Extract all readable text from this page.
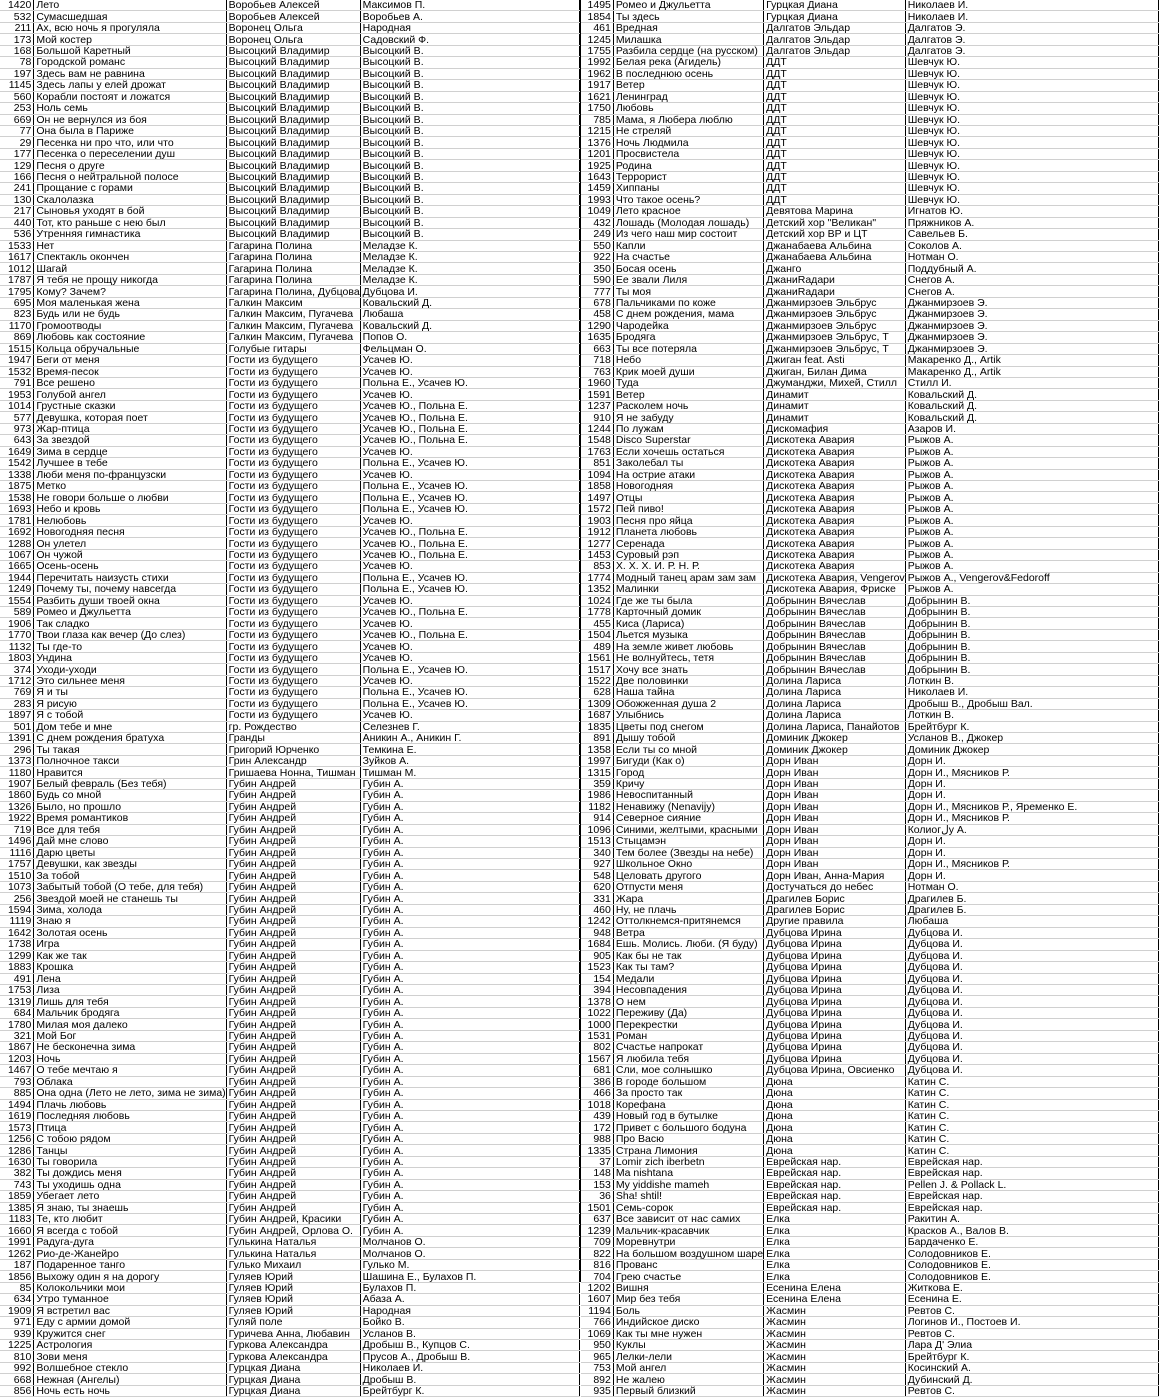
1420	Лето	Воробьев Алексей	Максимов П.
532	Сумасшедшая	Воробьев Алексей	Воробьев А.
211	Ах, всю ночь я прогуляла	Воронец Ольга	Народная
173	Мой костер	Воронец Ольга	Садовский Ф.
168	Большой Каретный	Высоцкий Владимир	Высоцкий В.
78	Городской романс	Высоцкий Владимир	Высоцкий В.
197	Здесь вам не равнина	Высоцкий Владимир	Высоцкий В.
1145	Здесь лапы у елей дрожат	Высоцкий Владимир	Высоцкий В.
560	Корабли постоят и ложатся	Высоцкий Владимир	Высоцкий В.
253	Ноль семь	Высоцкий Владимир	Высоцкий В.
669	Он не вернулся из боя	Высоцкий Владимир	Высоцкий В.
77	Она была в Париже	Высоцкий Владимир	Высоцкий В.
29	Песенка ни про что, или что	Высоцкий Владимир	Высоцкий В.
177	Песенка о переселении душ	Высоцкий Владимир	Высоцкий В.
129	Песня о друге	Высоцкий Владимир	Высоцкий В.
166	Песня о нейтральной полосе	Высоцкий Владимир	Высоцкий В.
241	Прощание с горами	Высоцкий Владимир	Высоцкий В.
130	Скалолазка	Высоцкий Владимир	Высоцкий В.
217	Сыновья уходят в бой	Высоцкий Владимир	Высоцкий В.
440	Тот, кто раньше с нею был	Высоцкий Владимир	Высоцкий В.
536	Утренняя гимнастика	Высоцкий Владимир	Высоцкий В.
1533	Нет	Гагарина Полина	Меладзе К.
1617	Спектакль окончен	Гагарина Полина	Меладзе К.
1012	Шагай	Гагарина Полина	Меладзе К.
1787	Я тебя не прощу никогда	Гагарина Полина	Меладзе К.
1795	Кому? Зачем?	Гагарина Полина, Дубцова	Дубцова И.
695	Моя маленькая жена	Галкин Максим	Ковальский Д.
823	Будь или не будь	Галкин Максим, Пугачева	Любаша
1170	Громоотводы	Галкин Максим, Пугачева	Ковальский Д.
869	Любовь как состояние	Галкин Максим, Пугачева	Попов О.
1515	Кольца обручальные	Голубые гитары	Фельцман О.
1947	Беги от меня	Гости из будущего	Усачев Ю.
1532	Время-песок	Гости из будущего	Усачев Ю.
791	Все решено	Гости из будущего	Польна Е., Усачев Ю.
1953	Голубой ангел	Гости из будущего	Усачев Ю.
1014	Грустные сказки	Гости из будущего	Усачев Ю., Польна Е.
577	Девушка, которая поет	Гости из будущего	Усачев Ю., Польна Е.
973	Жар-птица	Гости из будущего	Усачев Ю., Польна Е.
643	За звездой	Гости из будущего	Усачев Ю., Польна Е.
1649	Зима в сердце	Гости из будущего	Усачев Ю.
1542	Лучшее в тебе	Гости из будущего	Польна Е., Усачев Ю.
1338	Люби меня по-французски	Гости из будущего	Усачев Ю.
1875	Метко	Гости из будущего	Польна Е., Усачев Ю.
1538	Не говори больше о любви	Гости из будущего	Польна Е., Усачев Ю.
1693	Небо и кровь	Гости из будущего	Польна Е., Усачев Ю.
1781	Нелюбовь	Гости из будущего	Усачев Ю.
1692	Новогодняя песня	Гости из будущего	Усачев Ю., Польна Е.
1288	Он улетел	Гости из будущего	Усачев Ю., Польна Е.
1067	Он чужой	Гости из будущего	Усачев Ю., Польна Е.
1665	Осень-осень	Гости из будущего	Усачев Ю.
1944	Перечитать наизусть стихи	Гости из будущего	Польна Е., Усачев Ю.
1249	Почему ты, почему навсегда	Гости из будущего	Польна Е., Усачев Ю.
1554	Разбить души твоей окна	Гости из будущего	Усачев Ю.
589	Ромео и Джульетта	Гости из будущего	Усачев Ю., Польна Е.
1906	Так сладко	Гости из будущего	Усачев Ю.
1770	Твои глаза как вечер (До слез)	Гости из будущего	Усачев Ю., Польна Е.
1132	Ты где-то	Гости из будущего	Усачев Ю.
1803	Ундина	Гости из будущего	Усачев Ю.
374	Уходи-уходи	Гости из будущего	Польна Е., Усачев Ю.
1712	Это сильнее меня	Гости из будущего	Усачев Ю.
769	Я и ты	Гости из будущего	Польна Е., Усачев Ю.
283	Я рисую	Гости из будущего	Польна Е., Усачев Ю.
1897	Я с тобой	Гости из будущего	Усачев Ю.
501	Дом тебе и мне	гр. Рождество	Селезнев Г.
1391	С днем рождения братуха	Гранды	Аникин А., Аникин Г.
296	Ты такая	Григорий Юрченко	Темкина Е.
1373	Полночное такси	Грин Александр	Зуйков А.
1180	Нравится	Гришаева Нонна, Тишман	Тишман М.
1907	Белый февраль (Без тебя)	Губин Андрей	Губин А.
1860	Будь со мной	Губин Андрей	Губин А.
1326	Было, но прошло	Губин Андрей	Губин А.
1922	Время романтиков	Губин Андрей	Губин А.
719	Все для тебя	Губин Андрей	Губин А.
1496	Дай мне слово	Губин Андрей	Губин А.
1116	Дарю цветы	Губин Андрей	Губин А.
1757	Девушки, как звезды	Губин Андрей	Губин А.
1510	За тобой	Губин Андрей	Губин А.
1073	Забытый тобой (О тебе, для тебя)	Губин Андрей	Губин А.
256	Звездой моей не станешь ты	Губин Андрей	Губин А.
1594	Зима, холода	Губин Андрей	Губин А.
1119	Знаю я	Губин Андрей	Губин А.
1642	Золотая осень	Губин Андрей	Губин А.
1738	Игра	Губин Андрей	Губин А.
1299	Как же так	Губин Андрей	Губин А.
1883	Крошка	Губин Андрей	Губин А.
491	Лена	Губин Андрей	Губин А.
1753	Лиза	Губин Андрей	Губин А.
1319	Лишь для тебя	Губин Андрей	Губин А.
684	Мальчик бродяга	Губин Андрей	Губин А.
1780	Милая моя далеко	Губин Андрей	Губин А.
321	Мой Бог	Губин Андрей	Губин А.
1867	Не бесконечна зима	Губин Андрей	Губин А.
1203	Ночь	Губин Андрей	Губин А.
1467	О тебе мечтаю я	Губин Андрей	Губин А.
793	Облака	Губин Андрей	Губин А.
885	Она одна (Лето не лето, зима не зима)	Губин Андрей	Губин А.
1494	Плачь любовь	Губин Андрей	Губин А.
1619	Последняя любовь	Губин Андрей	Губин А.
1573	Птица	Губин Андрей	Губин А.
1256	С тобою рядом	Губин Андрей	Губин А.
1286	Танцы	Губин Андрей	Губин А.
1630	Ты говорила	Губин Андрей	Губин А.
382	Ты дождись меня	Губин Андрей	Губин А.
743	Ты уходишь одна	Губин Андрей	Губин А.
1859	Убегает лето	Губин Андрей	Губин А.
1385	Я знаю, ты знаешь	Губин Андрей	Губин А.
1183	Те, кто любит	Губин Андрей, Красики	Губин А.
1660	Я всегда с тобой	Губин Андрей, Орлова О.	Губин А.
1991	Радуга-дуга	Гулькина Наталья	Молчанов О.
1262	Рио-де-Жанейро	Гулькина Наталья	Молчанов О.
187	Подаренное танго	Гулько Михаил	Гулько М.
1856	Выхожу один я на дорогу	Гуляев Юрий	Шашина Е., Булахов П.
85	Колокольчики мои	Гуляев Юрий	Булахов П.
634	Утро туманное	Гуляев Юрий	Абаза А.
1909	Я встретил вас	Гуляев Юрий	Народная
971	Еду с армии домой	Гуляй поле	Бойко В.
939	Кружится снег	Гуричева Анна, Любавин	Усланов В.
1225	Астрология	Гуркова Александра	Дробыш В., Купцов С.
810	Зови меня	Гуркова Александра	Прусов А., Дробыш В.
992	Волшебное стекло	Гурцкая Диана	Николаев И.
668	Нежная (Ангелы)	Гурцкая Диана	Дробыш В.
856	Ночь есть ночь	Гурцкая Диана	Брейтбург К.
1495	Ромео и Джульетта	Гурцкая Диана	Николаев И.
1854	Ты здесь	Гурцкая Диана	Николаев И.
461	Вредная	Далгатов Эльдар	Далгатов Э.
1245	Милашка	Далгатов Эльдар	Далгатов Э.
1755	Разбила сердце (на русском)	Далгатов Эльдар	Далгатов Э.
1992	Белая река (Агидель)	ДДТ	Шевчук Ю.
1962	В последнюю осень	ДДТ	Шевчук Ю.
1917	Ветер	ДДТ	Шевчук Ю.
1621	Ленинград	ДДТ	Шевчук Ю.
1750	Любовь	ДДТ	Шевчук Ю.
785	Мама, я Любера люблю	ДДТ	Шевчук Ю.
1215	Не стреляй	ДДТ	Шевчук Ю.
1376	Ночь Людмила	ДДТ	Шевчук Ю.
1201	Просвистела	ДДТ	Шевчук Ю.
1925	Родина	ДДТ	Шевчук Ю.
1643	Террорист	ДДТ	Шевчук Ю.
1459	Хиппаны	ДДТ	Шевчук Ю.
1993	Что такое осень?	ДДТ	Шевчук Ю.
1049	Лето красное	Девятова Марина	Игнатов Ю.
432	Лошадь (Молодая лошадь)	Детский хор "Великан"	Пряжников А.
249	Из чего наш мир состоит	Детский хор ВР и ЦТ	Савельев Б.
550	Капли	Джанабаева Альбина	Соколов А.
922	На счастье	Джанабаева Альбина	Нотман О.
350	Босая осень	Джанго	Поддубный А.
590	Ее звали Лиля	ДжаниRадари	Снегов А.
777	Ты моя	ДжаниRадари	Снегов А.
678	Пальчиками по коже	Джанмирзоев Эльбрус	Джанмирзоев Э.
458	С днем рождения, мама	Джанмирзоев Эльбрус	Джанмирзоев Э.
1290	Чародейка	Джанмирзоев Эльбрус	Джанмирзоев Э.
1635	Бродяга	Джанмирзоев Эльбрус, Т	Джанмирзоев Э.
663	Ты все потеряла	Джанмирзоев Эльбрус, Т	Джанмирзоев Э.
718	Небо	Джиган feat. Asti	Макаренко Д., Artik
763	Крик моей души	Джиган, Билан Дима	Макаренко Д., Artik
1960	Туда	Джуманджи, Михей, Стилл	Стилл И.
1591	Ветер	Динамит	Ковальский Д.
1237	Расколем ночь	Динамит	Ковальский Д.
910	Я не забуду	Динамит	Ковальский Д.
1244	По лужам	Дискомафия	Азаров И.
1548	Disco Superstar	Дискотека Авария	Рыжов А.
1763	Если хочешь остаться	Дискотека Авария	Рыжов А.
851	Заколебал ты	Дискотека Авария	Рыжов А.
1094	На острие атаки	Дискотека Авария	Рыжов А.
1858	Новогодняя	Дискотека Авария	Рыжов А.
1497	Отцы	Дискотека Авария	Рыжов А.
1572	Пей пиво!	Дискотека Авария	Рыжов А.
1903	Песня про яйца	Дискотека Авария	Рыжов А.
1912	Планета любовь	Дискотека Авария	Рыжов А.
1277	Серенада	Дискотека Авария	Рыжов А.
1453	Суровый рэп	Дискотека Авария	Рыжов А.
853	Х. Х. Х. И. Р. Н. Р.	Дискотека Авария	Рыжов А.
1774	Модный танец арам зам зам	Дискотека Авария, Vengerov	Рыжов А., Vengerov&Fedoroff
1352	Малинки	Дискотека Авария, Фриске	Рыжов А.
1024	Где же ты была	Добрынин Вячеслав	Добрынин В.
1778	Карточный домик	Добрынин Вячеслав	Добрынин В.
455	Киса (Лариса)	Добрынин Вячеслав	Добрынин В.
1504	Льется музыка	Добрынин Вячеслав	Добрынин В.
489	На земле живет любовь	Добрынин Вячеслав	Добрынин В.
1561	Не волнуйтесь, тетя	Добрынин Вячеслав	Добрынин В.
1517	Хочу все знать	Добрынин Вячеслав	Добрынин В.
1522	Две половинки	Долина Лариса	Лоткин В.
628	Наша тайна	Долина Лариса	Николаев И.
1309	Обожженная душа 2	Долина Лариса	Дробыш В., Дробыш Вал.
1687	Улыбнись	Долина Лариса	Лоткин В.
1835	Цветы под снегом	Долина Лариса, Панайотов	Брейтбург К.
891	Дышу тобой	Доминик Джокер	Усланов В., Джокер
1358	Если ты со мной	Доминик Джокер	Доминик Джокер
1997	Бигуди (Как о)	Дорн Иван	Дорн И.
1315	Город	Дорн Иван	Дорн И., Мясников Р.
359	Кричу	Дорн Иван	Дорн И.
1986	Невоспитанный	Дорн Иван	Дорн И.
1182	Ненавижу (Nenavijy)	Дорн Иван	Дорн И., Мясников Р., Яременко Е.
914	Северное сияние	Дорн Иван	Дорн И., Мясников Р.
1096	Синими, желтыми, красными	Дорн Иван	Колиогلу А.
1513	Стыцамэн	Дорн Иван	Дорн И.
340	Тем более (Звезды на небе)	Дорн Иван	Дорн И.
927	Школьное Окно	Дорн Иван	Дорн И., Мясников Р.
548	Целовать другого	Дорн Иван, Анна-Мария	Дорн И.
620	Отпусти меня	Достучаться до небес	Нотман О.
331	Жара	Драгилев Борис	Драгилев Б.
460	Ну, не плачь	Драгилев Борис	Драгилев Б.
1242	Оттолкнемся-притянемся	Другие правила	Любаша
948	Ветра	Дубцова Ирина	Дубцова И.
1684	Ешь. Молись. Люби. (Я буду)	Дубцова Ирина	Дубцова И.
905	Как бы не так	Дубцова Ирина	Дубцова И.
1523	Как ты там?	Дубцова Ирина	Дубцова И.
154	Медали	Дубцова Ирина	Дубцова И.
394	Несовпадения	Дубцова Ирина	Дубцова И.
1378	О нем	Дубцова Ирина	Дубцова И.
1022	Переживу (Да)	Дубцова Ирина	Дубцова И.
1000	Перекрестки	Дубцова Ирина	Дубцова И.
1531	Роман	Дубцова Ирина	Дубцова И.
802	Счастье напрокат	Дубцова Ирина	Дубцова И.
1567	Я любила тебя	Дубцова Ирина	Дубцова И.
681	Сли, мое солнышко	Дубцова Ирина, Овсиенко	Дубцова И.
386	В городе большом	Дюна	Катин С.
466	За просто так	Дюна	Катин С.
1018	Корефана	Дюна	Катин С.
439	Новый год в бутылке	Дюна	Катин С.
172	Привет с большого бодуна	Дюна	Катин С.
988	Про Васю	Дюна	Катин С.
1335	Страна Лимония	Дюна	Катин С.
37	Lomir zich iberbetn	Еврейская нар.	Еврейская нар.
148	Ma nishtana	Еврейская нар.	Еврейская нар.
153	My yiddishe mameh	Еврейская нар.	Pellen J. & Pollack L.
36	Sha! shtil!	Еврейская нар.	Еврейская нар.
1501	Семь-сорок	Еврейская нар.	Еврейская нар.
637	Все зависит от нас самих	Елка	Ракитин А.
1239	Мальчик-красавчик	Елка	Красков А., Валов В.
709	Моревнутри	Елка	Бардаченко Е.
822	На большом воздушном шаре	Елка	Солодовников Е.
816	Прованс	Елка	Солодовников Е.
704	Грею счастье	Елка	Солодовников Е.
1202	Вишня	Есенина Елена	Житкова Е.
1607	Мир без тебя	Есенина Елена	Есенина Е.
1194	Боль	Жасмин	Ревтов С.
766	Индийское диско	Жасмин	Логинов И., Постоев И.
1069	Как ты мне нужен	Жасмин	Ревтов С.
950	Куклы	Жасмин	Лара Д' Элиа
965	Лелки-лели	Жасмин	Брейтбург К.
753	Мой ангел	Жасмин	Косинский А.
892	Не жалею	Жасмин	Дубинский Д.
935	Первый близкий	Жасмин	Ревтов С.
